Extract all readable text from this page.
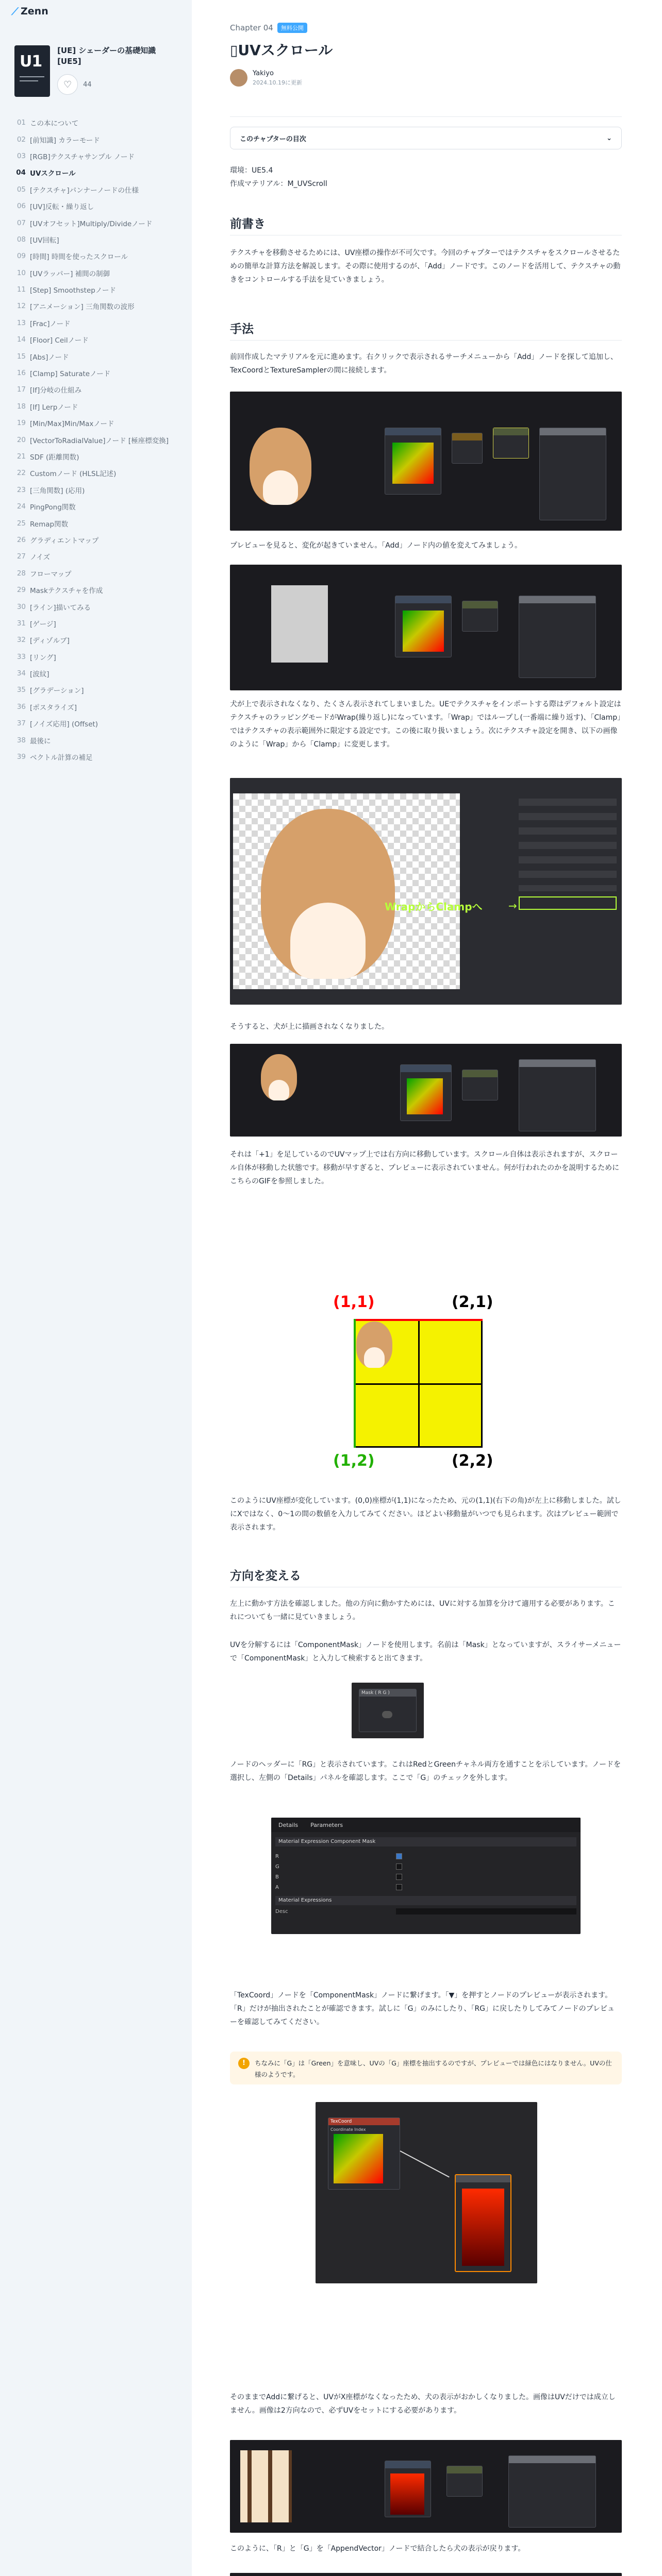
⟋ Zenn
U1
[UE] シェーダーの基礎知識 [UE5]
♡ 44
01 この本について
02 [前知識] カラーモード
03 [RGB]テクスチャサンプル ノード
04 UVスクロール
05 [テクスチャ]パンナーノードの仕様
06 [UV]反転・繰り返し
07 [UVオフセット]Multiply/Divideノード
08 [UV回転]
09 [時間] 時間を使ったスクロール
10 [UVラッパー] 補間の制御
11 [Step] Smoothstepノード
12 [アニメーション] 三角関数の波形
13 [Frac]ノード
14 [Floor] Ceilノード
15 [Abs]ノード
16 [Clamp] Saturateノード
17 [If]分岐の仕組み
18 [If] Lerpノード
19 [Min/Max]Min/Maxノード
20 [VectorToRadialValue]ノード [極座標変換]
21 SDF (距離関数)
22 Customノード (HLSL記述)
23 [三角関数] (応用)
24 PingPong関数
25 Remap関数
26 グラディエントマップ
27 ノイズ
28 フローマップ
29 Maskテクスチャを作成
30 [ライン]描いてみる
31 [ゲージ]
32 [ディゾルブ]
33 [リング]
34 [波紋]
35 [グラデーション]
36 [ポスタライズ]
37 [ノイズ応用] (Offset)
38 最後に
39 ベクトル計算の補足
Chapter 04	無料公開
▯UVスクロール
Yakiyo
2024.10.19に更新
このチャプターの目次	⌄
環境：UE5.4
作成マテリアル：M_UVScroll
前書き
テクスチャを移動させるためには、UV座標の操作が不可欠です。今回のチャプターではテクスチャをスクロールさせるための簡単な計算方法を解説します。その際に使用するのが、「Add」ノードです。このノードを活用して、テクスチャの動きをコントロールする手法を見ていきましょう。
手法
前回作成したマテリアルを元に進めます。右クリックで表示されるサーチメニューから「Add」ノードを探して追加し、TexCoordとTextureSamplerの間に接続します。
プレビューを見ると、変化が起きていません。「Add」ノード内の値を変えてみましょう。
犬が上で表示されなくなり、たくさん表示されてしまいました。UEでテクスチャをインポートする際はデフォルト設定はテクスチャのラッピングモードがWrap(繰り返し)になっています。「Wrap」ではループし(一番端に繰り返す)、「Clamp」ではテクスチャの表示範囲外に限定する設定です。この後に取り扱いましょう。次にテクスチャ設定を開き、以下の画像のように「Wrap」から「Clamp」に変更します。
WrapからClampへ	→
そうすると、犬が上に描画されなくなりました。
それは「+1」を足しているのでUVマップ上では右方向に移動しています。スクロール自体は表示されますが、スクロール自体が移動した状態です。移動が早すぎると、プレビューに表示されていません。何が行われたのかを説明するためにこちらのGIFを参照しました。
(1,1)	(2,1)
(1,2)	(2,2)
このようにUV座標が変化しています。(0,0)座標が(1,1)になったため、元の(1,1)(右下の角)が左上に移動しました。試しにXではなく、0〜1の間の数値を入力してみてください。ほどよい移動量がいつでも見られます。次はプレビュー範囲で表示されます。
方向を変える
左上に動かす方法を確認しました。他の方向に動かすためには、UVに対する加算を分けて適用する必要があります。これについても一緒に見ていきましょう。
UVを分解するには「ComponentMask」ノードを使用します。名前は「Mask」となっていますが、スライサーメニューで「ComponentMask」と入力して検索すると出てきます。
Mask ( R G )
ノードのヘッダーに「RG」と表示されています。これはRedとGreenチャネル両方を通すことを示しています。ノードを選択し、左側の「Details」パネルを確認します。ここで「G」のチェックを外します。
Details Parameters
Material Expression Component Mask
R
G
B
A
Material Expressions
Desc
「TexCoord」ノードを「ComponentMask」ノードに繋げます。「▼」を押すとノードのプレビューが表示されます。「R」だけが抽出されたことが確認できます。試しに「G」のみにしたり、「RG」に戻したりしてみてノードのプレビューを確認してみてください。
!	ちなみに「G」は「Green」を意味し、UVの「G」座標を抽出するのですが、プレビューでは緑色にはなりません。UVの仕様のようです。
TexCoord
Coordinate Index
そのままでAddに繋げると、UVがX座標がなくなったため、犬の表示がおかしくなりました。画像はUVだけでは成立しません。画像は2方向なので、必ずUVをセットにする必要があります。
このように、「R」と「G」を「AppendVector」ノードで結合したら犬の表示が戻ります。
